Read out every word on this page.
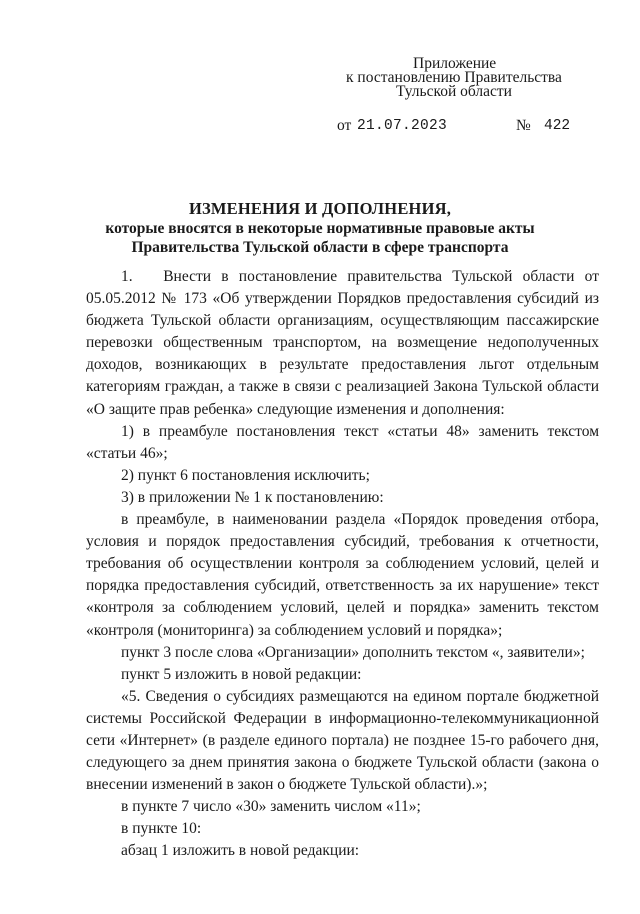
Приложение
к постановлению Правительства
Тульской области
от 21.07.2023	№ 422
ИЗМЕНЕНИЯ И ДОПОЛНЕНИЯ,
которые вносятся в некоторые нормативные правовые акты
Правительства Тульской области в сфере транспорта

1.   Внести в постановление правительства Тульской области от 05.05.2012 № 173 «Об утверждении Порядков предоставления субсидий из бюджета Тульской области организациям, осуществляющим пассажирские перевозки общественным транспортом, на возмещение недополученных доходов, возникающих в результате предоставления льгот отдельным категориям граждан, а также в связи с реализацией Закона Тульской области «О защите прав ребенка» следующие изменения и дополнения:

1) в преамбуле постановления текст «статьи 48» заменить текстом «статьи 46»;

2) пункт 6 постановления исключить;

3) в приложении № 1 к постановлению:

в преамбуле, в наименовании раздела «Порядок проведения отбора, условия и порядок предоставления субсидий, требования к отчетности, требования об осуществлении контроля за соблюдением условий, целей и порядка предоставления субсидий, ответственность за их нарушение» текст «контроля за соблюдением условий, целей и порядка» заменить текстом «контроля (мониторинга) за соблюдением условий и порядка»;

пункт 3 после слова «Организации» дополнить текстом «, заявители»;

пункт 5 изложить в новой редакции:

«5. Сведения о субсидиях размещаются на едином портале бюджетной системы Российской Федерации в информационно-телекоммуникационной сети «Интернет» (в разделе единого портала) не позднее 15-го рабочего дня, следующего за днем принятия закона о бюджете Тульской области (закона о внесении изменений в закон о бюджете Тульской области).»;

в пункте 7 число «30» заменить числом «11»;

в пункте 10:

абзац 1 изложить в новой редакции:
